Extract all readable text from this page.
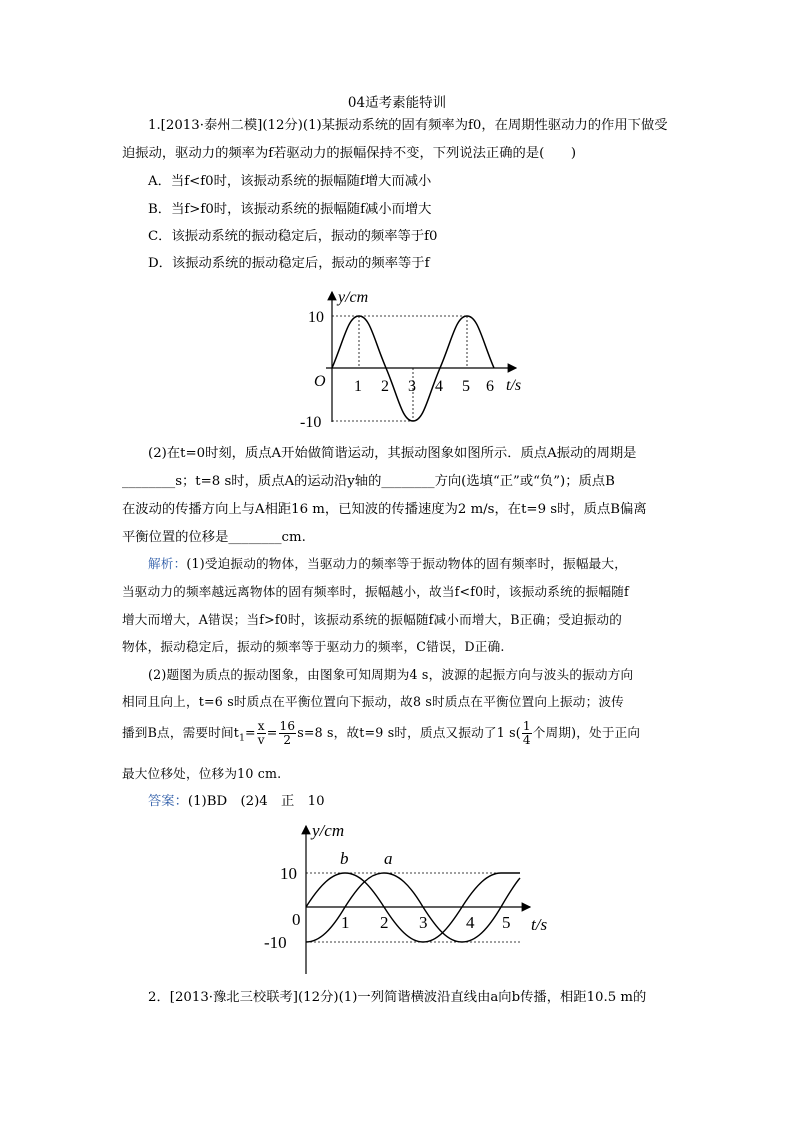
04适考素能特训
1.[2013·泰州二模](12分)(1)某振动系统的固有频率为f0，在周期性驱动力的作用下做受
迫振动，驱动力的频率为f若驱动力的振幅保持不变，下列说法正确的是(　　)
A．当f<f0时，该振动系统的振幅随f增大而减小
B．当f>f0时，该振动系统的振幅随f减小而增大
C．该振动系统的振动稳定后，振动的频率等于f0
D．该振动系统的振动稳定后，振动的频率等于f
y/cm
t/s
O
10
-10
1 2 3 4 5 6
(2)在t=0时刻，质点A开始做简谐运动，其振动图象如图所示．质点A振动的周期是
________s；t=8 s时，质点A的运动沿y轴的________方向(选填“正”或“负”)；质点B
在波动的传播方向上与A相距16 m，已知波的传播速度为2 m/s，在t=9 s时，质点B偏离
平衡位置的位移是________cm.
解析：(1)受迫振动的物体，当驱动力的频率等于振动物体的固有频率时，振幅最大，
当驱动力的频率越远离物体的固有频率时，振幅越小，故当f<f0时，该振动系统的振幅随f
增大而增大，A错误；当f>f0时，该振动系统的振幅随f减小而增大，B正确；受迫振动的
物体，振动稳定后，振动的频率等于驱动力的频率，C错误，D正确.
(2)题图为质点的振动图象，由图象可知周期为4 s，波源的起振方向与波头的振动方向
相同且向上，t=6 s时质点在平衡位置向下振动，故8 s时质点在平衡位置向上振动；波传
播到B点，需要时间$t_1= \frac{x}{v} = \frac{16}{2} s=8$ s，故t=9 s时，质点又振动了1 $s( \frac{1}{4}$ 个周期)，处于正向
最大位移处，位移为10 cm.
答案：(1)BD　(2)4　正　10
y/cm
t/s
0
10
-10
1 2 3 4 5
b a
2．[2013·豫北三校联考](12分)(1)一列简谐横波沿直线由a向b传播，相距10.5 m的
